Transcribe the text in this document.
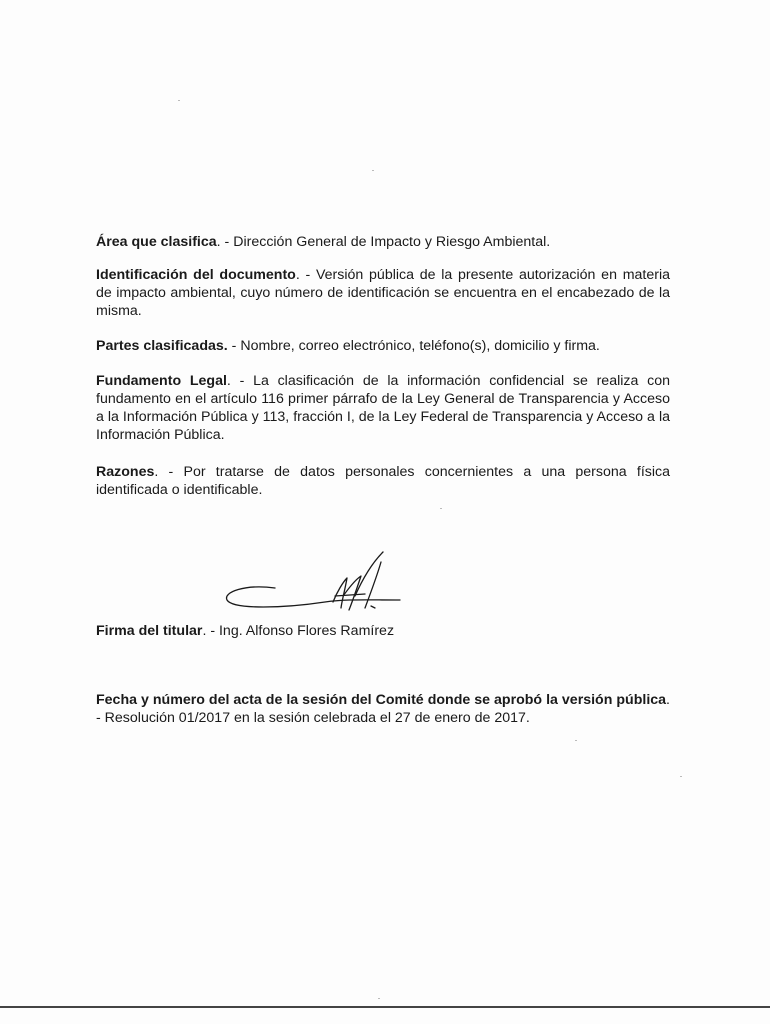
Área que clasifica. - Dirección General de Impacto y Riesgo Ambiental.

Identificación del documento. - Versión pública de la presente autorización en materia de impacto ambiental, cuyo número de identificación se encuentra en el encabezado de la misma.

Partes clasificadas. - Nombre, correo electrónico, teléfono(s), domicilio y firma.

Fundamento Legal. - La clasificación de la información confidencial se realiza con fundamento en el artículo 116 primer párrafo de la Ley General de Transparencia y Acceso a la Información Pública y 113, fracción I, de la Ley Federal de Transparencia y Acceso a la Información Pública.

Razones. - Por tratarse de datos personales concernientes a una persona física identificada o identificable.

Firma del titular. - Ing. Alfonso Flores Ramírez

Fecha y número del acta de la sesión del Comité donde se aprobó la versión pública. - Resolución 01/2017 en la sesión celebrada el 27 de enero de 2017.
